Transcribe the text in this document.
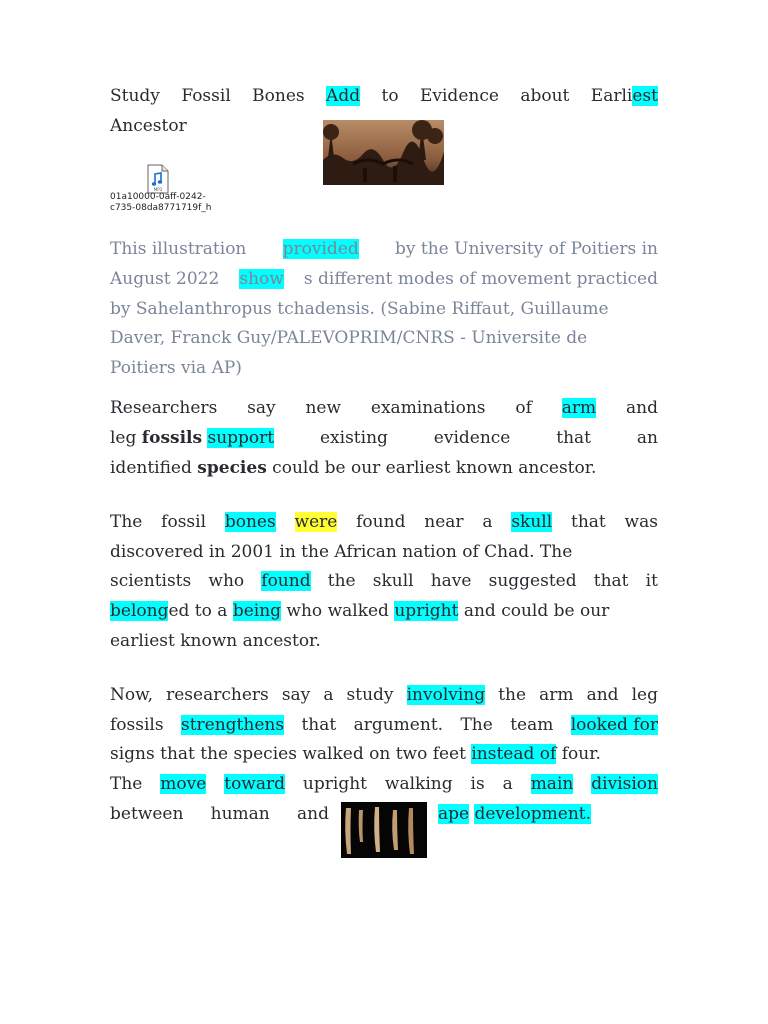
Study Fossil Bones Add to Evidence about Earliest
Ancestor
MP3
01a10000-0aff-0242-
c735-08da8771719f_h
This illustration provided by the University of Poitiers in
August 2022 show s different modes of movement practiced
by Sahelanthropus tchadensis. (Sabine Riffaut, Guillaume
Daver, Franck Guy/PALEVOPRIM/CNRS - Universite de
Poitiers via AP)
Researchers say new examinations of arm and
leg fossils support	existing	evidence	that	an
identified species could be our earliest known ancestor.
The fossil bones were found near a skull that was
discovered in 2001 in the African nation of Chad. The
scientists who found the skull have suggested that it
belonged to a being who walked upright and could be our
earliest known ancestor.
Now, researchers say a study involving the arm and leg
fossils strengthens that argument. The team looked for
signs that the species walked on two feet instead of four.
The move toward upright walking is a main division
between human and	ape development.
